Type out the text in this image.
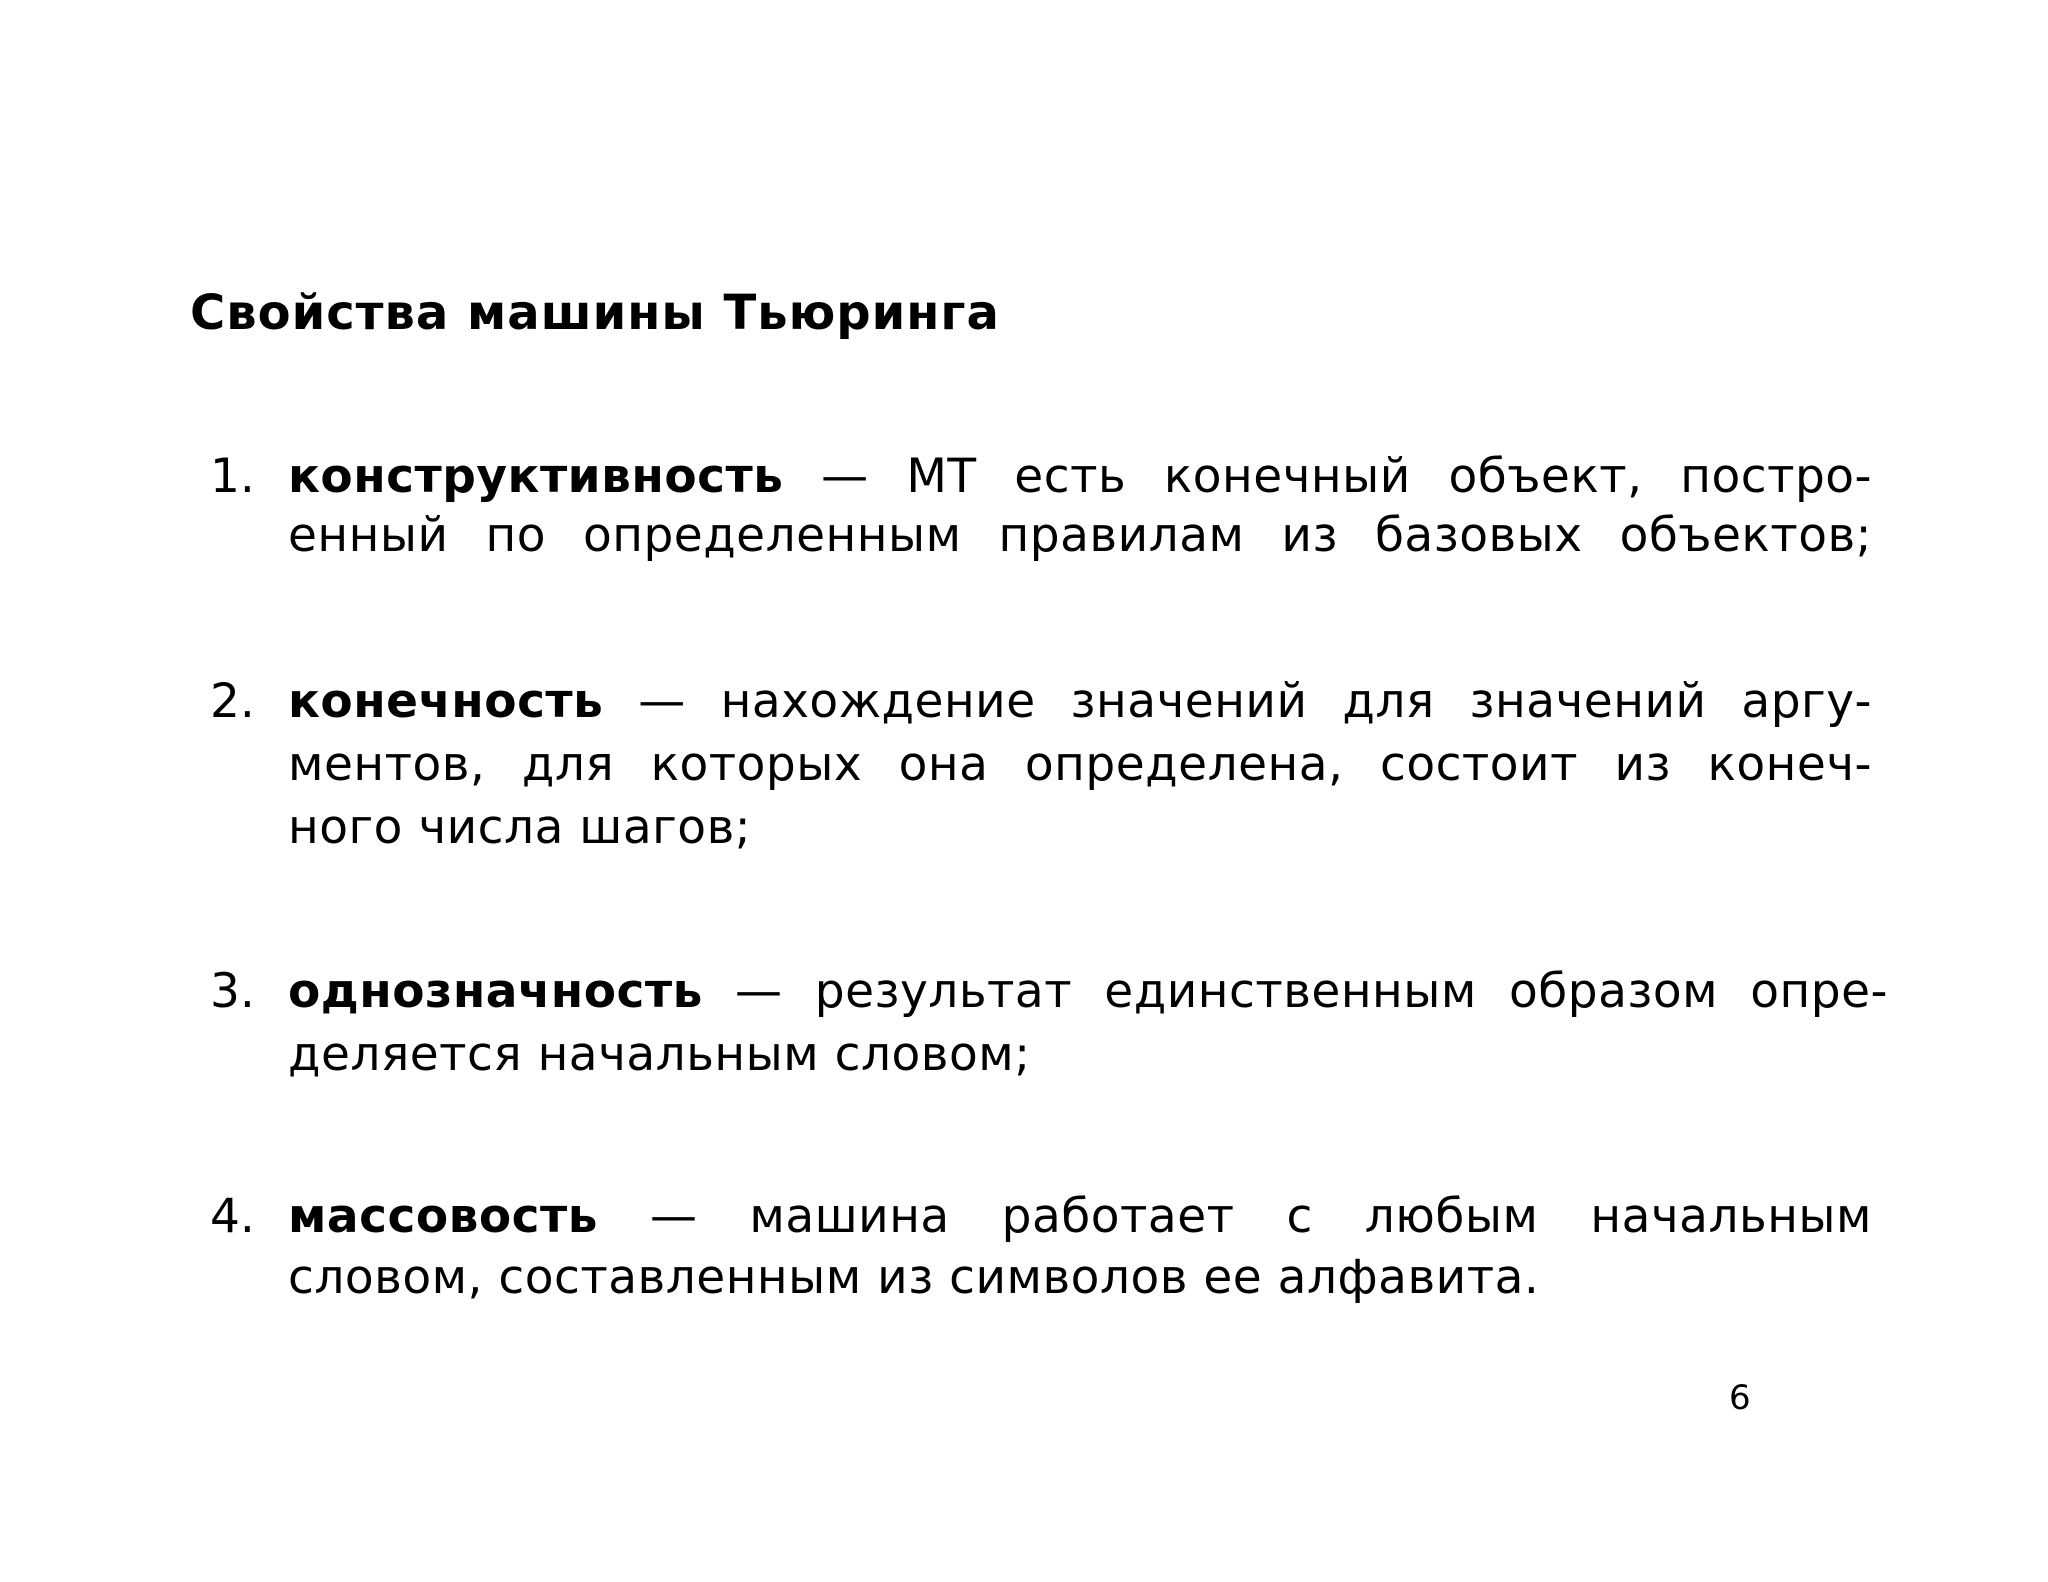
Свойства машины Тьюринга
1. конструктивность — МТ есть конечный объект, постро-
енный по определенным правилам из базовых объектов;
2. конечность — нахождение значений для значений аргу-
ментов, для которых она определена, состоит из конеч-
ного числа шагов;
3. однозначность — результат единственным образом опре-
деляется начальным словом;
4. массовость — машина работает с любым начальным
словом, составленным из символов ее алфавита.
6
